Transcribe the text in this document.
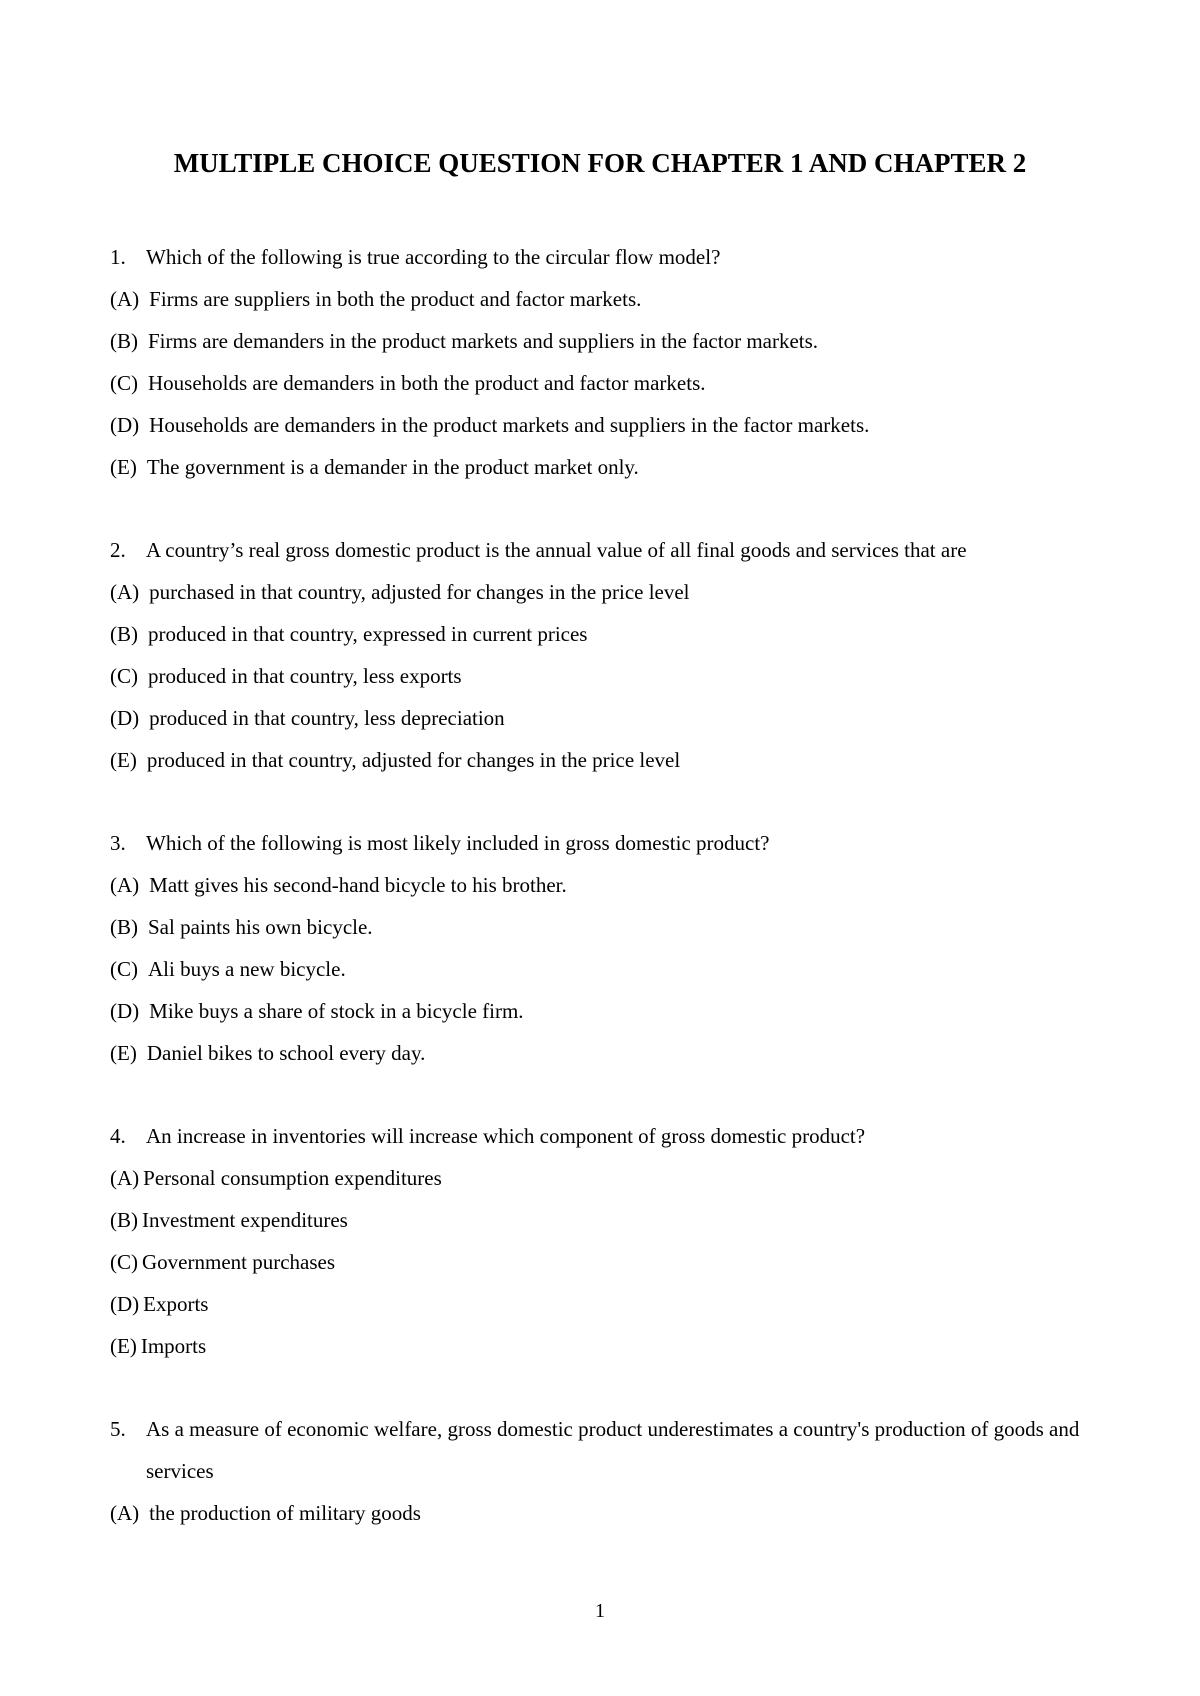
MULTIPLE CHOICE QUESTION FOR CHAPTER 1 AND CHAPTER 2
1. Which of the following is true according to the circular flow model?
(A) Firms are suppliers in both the product and factor markets.
(B) Firms are demanders in the product markets and suppliers in the factor markets.
(C) Households are demanders in both the product and factor markets.
(D) Households are demanders in the product markets and suppliers in the factor markets.
(E) The government is a demander in the product market only.
2. A country’s real gross domestic product is the annual value of all final goods and services that are
(A) purchased in that country, adjusted for changes in the price level
(B) produced in that country, expressed in current prices
(C) produced in that country, less exports
(D) produced in that country, less depreciation
(E) produced in that country, adjusted for changes in the price level
3. Which of the following is most likely included in gross domestic product?
(A) Matt gives his second-hand bicycle to his brother.
(B) Sal paints his own bicycle.
(C) Ali buys a new bicycle.
(D) Mike buys a share of stock in a bicycle firm.
(E) Daniel bikes to school every day.
4. An increase in inventories will increase which component of gross domestic product?
(A) Personal consumption expenditures
(B) Investment expenditures
(C) Government purchases
(D) Exports
(E) Imports
5. As a measure of economic welfare, gross domestic product underestimates a country's production of goods and services
(A) the production of military goods
1
